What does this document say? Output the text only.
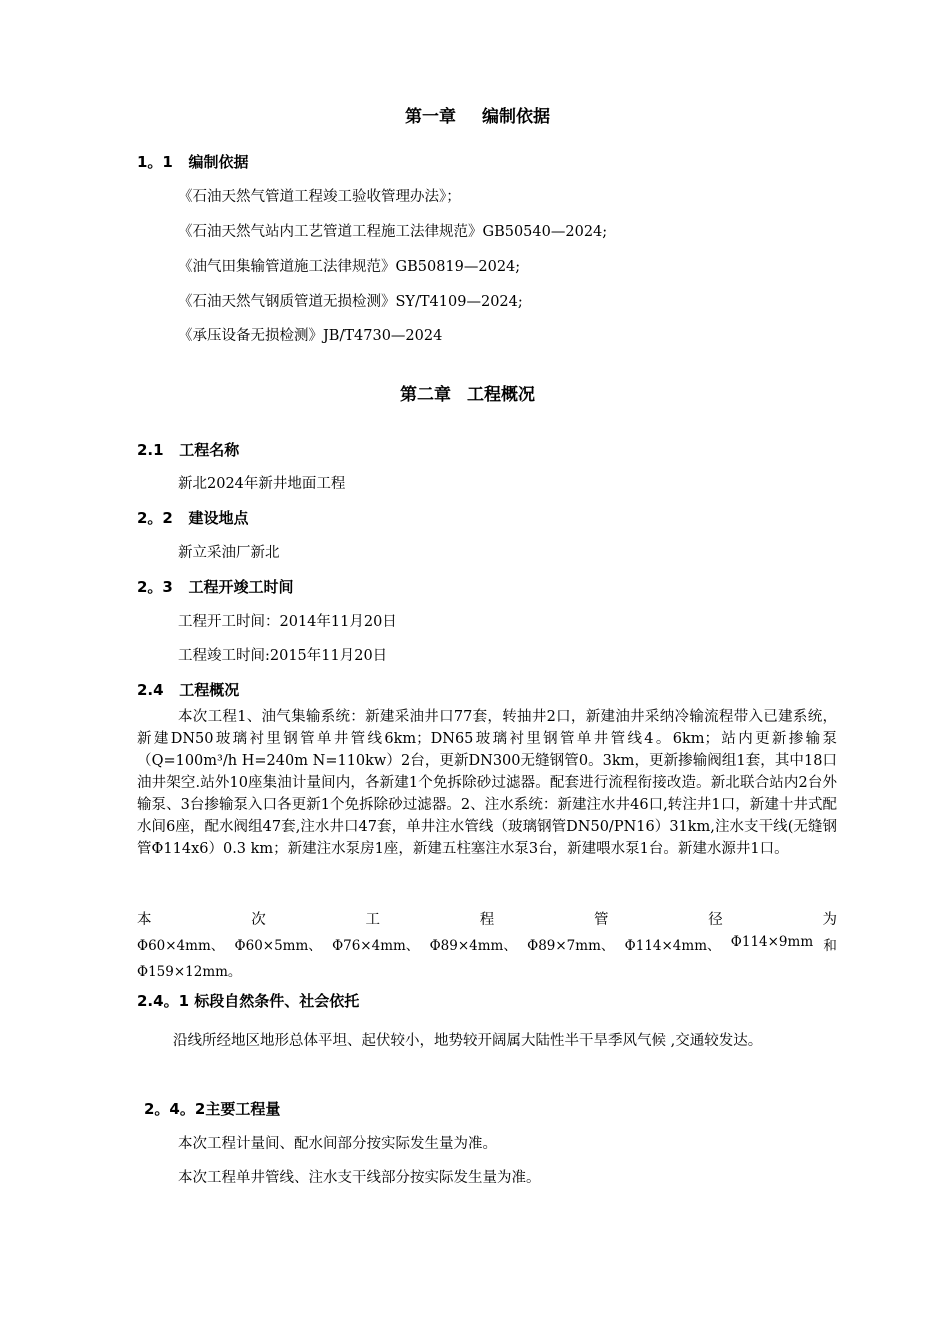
第一章 编制依据
1。1 编制依据
《石油天然气管道工程竣工验收管理办法》；
《石油天然气站内工艺管道工程施工法律规范》GB50540—2024;
《油气田集输管道施工法律规范》GB50819—2024;
《石油天然气钢质管道无损检测》SY/T4109—2024;
《承压设备无损检测》JB/T4730—2024
第二章 工程概况
2.1 工程名称
新北2024年新井地面工程
2。2 建设地点
新立采油厂新北
2。3 工程开竣工时间
工程开工时间：2014年11月20日
工程竣工时间:2015年11月20日
2.4 工程概况
本次工程1、油气集输系统：新建采油井口77套，转抽井2口，新建油井采纳冷输流程带入已建系统，新建DN50玻璃衬里钢管单井管线6km；DN65玻璃衬里钢管单井管线4。6km；站内更新掺输泵（Q=100m³/h H=240m N=110kw）2台，更新DN300无缝钢管0。3km，更新掺输阀组1套，其中18口油井架空.站外10座集油计量间内，各新建1个免拆除砂过滤器。配套进行流程衔接改造。新北联合站内2台外输泵、3台掺输泵入口各更新1个免拆除砂过滤器。2、注水系统：新建注水井46口,转注井1口，新建十井式配水间6座，配水阀组47套,注水井口47套，单井注水管线（玻璃钢管DN50/PN16）31km,注水支干线(无缝钢管Φ114x6）0.3 km；新建注水泵房1座，新建五柱塞注水泵3台，新建喂水泵1台。新建水源井1口。
本	次	工	程	管	径	为
Φ60×4mm、 Φ60×5mm、 Φ76×4mm、 Φ89×4mm、 Φ89×7mm、 Φ114×4mm、 Φ114×9mm 和
Φ159×12mm。
2.4。1 标段自然条件、社会依托
沿线所经地区地形总体平坦、起伏较小，地势较开阔属大陆性半干旱季风气候 ,交通较发达。
2。4。2主要工程量
本次工程计量间、配水间部分按实际发生量为准。
本次工程单井管线、注水支干线部分按实际发生量为准。
